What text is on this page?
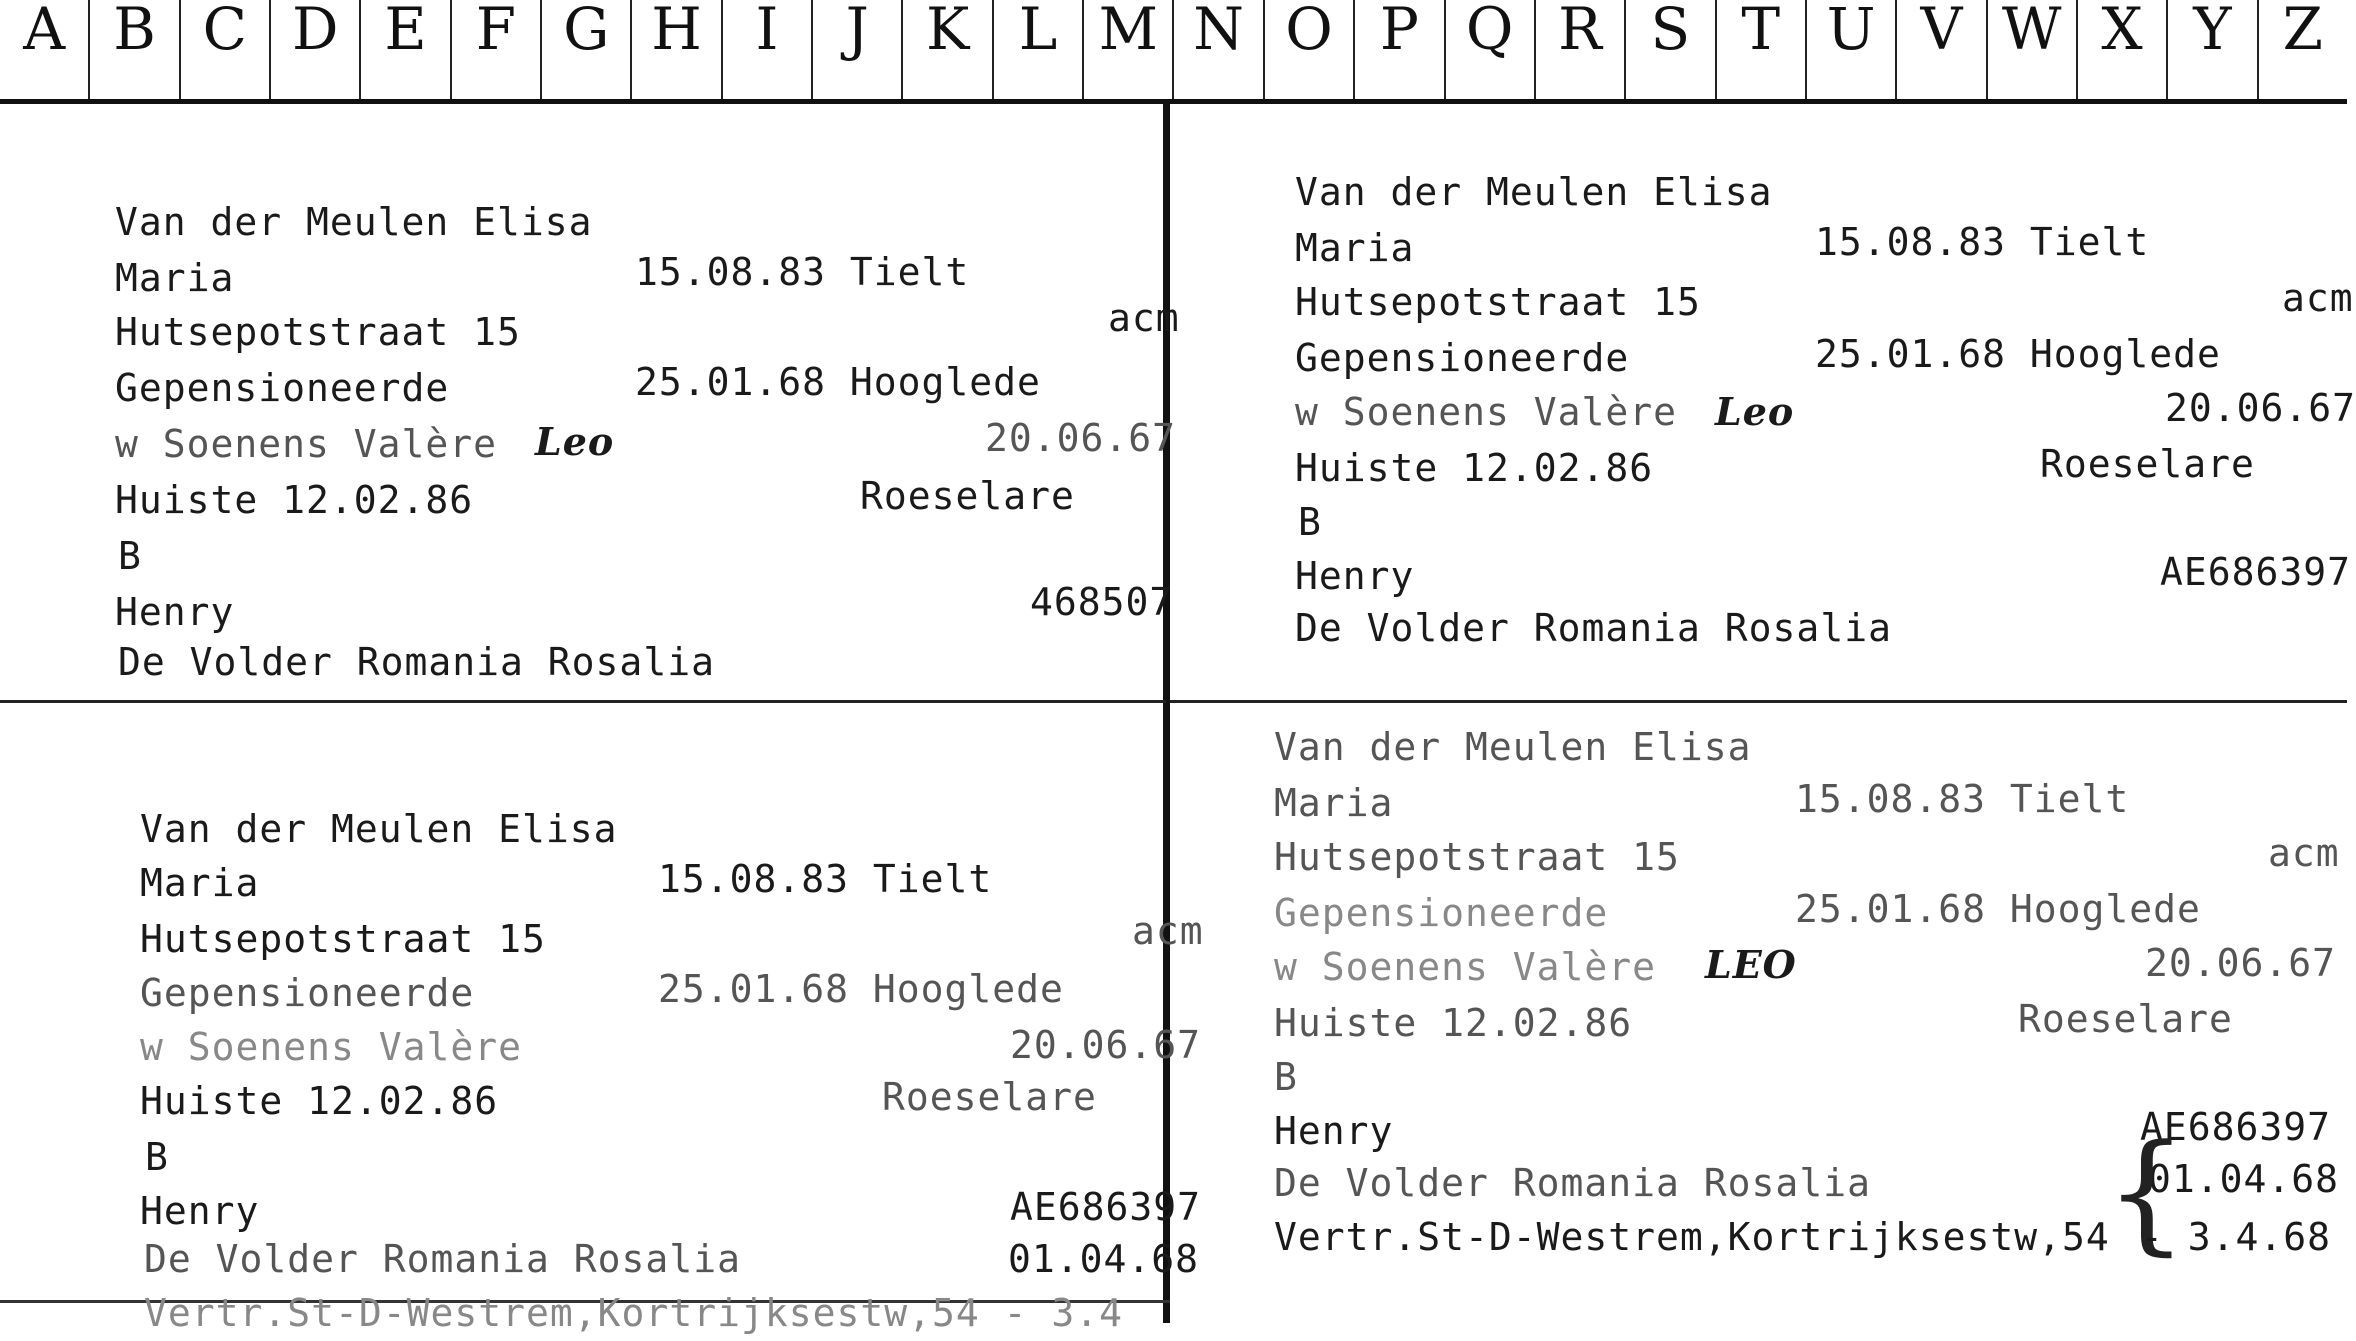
A B C D E F G H I	J K L M N O P Q R S T U V W X Y Z
Van der Meulen Elisa
Maria	15.08.83 Tielt
Hutsepotstraat 15	acm
Gepensioneerde	25.01.68 Hooglede
w Soenens Valère Leo	20.06.67
Huiste 12.02.86	Roeselare
B
Henry	468507
De Volder Romania Rosalia
Van der Meulen Elisa
Maria	15.08.83 Tielt
Hutsepotstraat 15	acm
Gepensioneerde	25.01.68 Hooglede
w Soenens Valère Leo	20.06.67
Huiste 12.02.86	Roeselare
B
Henry	AE686397
De Volder Romania Rosalia
Van der Meulen Elisa
Maria	15.08.83 Tielt
Hutsepotstraat 15	acm
Gepensioneerde	25.01.68 Hooglede
w Soenens Valère	20.06.67
Huiste 12.02.86	Roeselare
B
Henry	AE686397
De Volder Romania Rosalia	01.04.68
Vertr.St-D-Westrem,Kortrijksestw,54 - 3.4
Van der Meulen Elisa
Maria	15.08.83 Tielt
Hutsepotstraat 15	acm
Gepensioneerde	25.01.68 Hooglede
w Soenens Valère LEO	20.06.67
Huiste 12.02.86	Roeselare
B
Henry	AE686397
De Volder Romania Rosalia	01.04.68
Vertr.St-D-Westrem,Kortrijksestw,54
{
- 3.4.68
